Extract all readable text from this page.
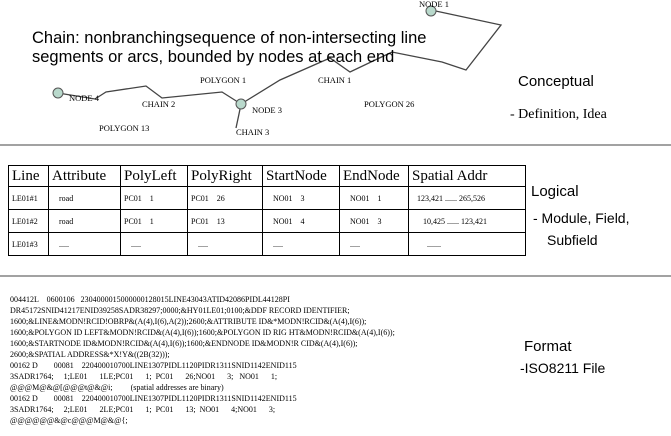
Chain: nonbranchingsequence of non-intersecting line
segments or arcs, bounded by nodes at each end
NODE 1
NODE 3
NODE 4
CHAIN 1
CHAIN 2
CHAIN 3
POLYGON 1
POLYGON 26
POLYGON 13
Conceptual
- Definition, Idea
Line	Attribute	PolyLeft	PolyRight	StartNode	EndNode	Spatial Addr
LE01#1	road	PC01    1	PC01    26	NO01    3	NO01    1	123,421 ...... 265,526
LE01#2	road	PC01    1	PC01    13	NO01    4	NO01    3	10,425 ...... 123,421
LE01#3	.....	.....	.....	.....	.....	.......
Logical
- Module, Field,
Subfield
004412L    0600106   2304000015000000128015LINE43043ATID42086PIDL44128PI
DR45172SNID41217ENID39258SADR38297;0000;&HY01LE01;0100;&DDF RECORD IDENTIFIER;
1600;&LINE&MODN!RCID!OBRP&(A(4),I(6),A(2));2600;&ATTRIBUTE ID&*MODN!RCID&(A(4),I(6));
1600;&POLYGON ID LEFT&MODN!RCID&(A(4),I(6));1600;&POLYGON ID RIG HT&MODN!RCID&(A(4),I(6));
1600;&STARTNODE ID&MODN!RCID&(A(4),I(6));1600;&ENDNODE ID&MODN!R CID&(A(4),I(6));
2600;&SPATIAL ADDRESS&*X!Y&((2B(32)));
00162 D        00081    220400010700LINE1307PIDL1120PIDR1311SNID1142ENID115
3SADR1764;     1;LE01      1LE;PC01      1;  PC01      26;NO01      3;   NO01      1;
@@@M@&@[@@@t@&@i;         (spatial addresses are binary)
00162 D        00081    220400010700LINE1307PIDL1120PIDR1311SNID1142ENID115
3SADR1764;     2;LE01      2LE;PC01      1;  PC01      13;  NO01      4;NO01      3;
@@@@@@&@c@@@M@&@{;
Format
-ISO8211 File
